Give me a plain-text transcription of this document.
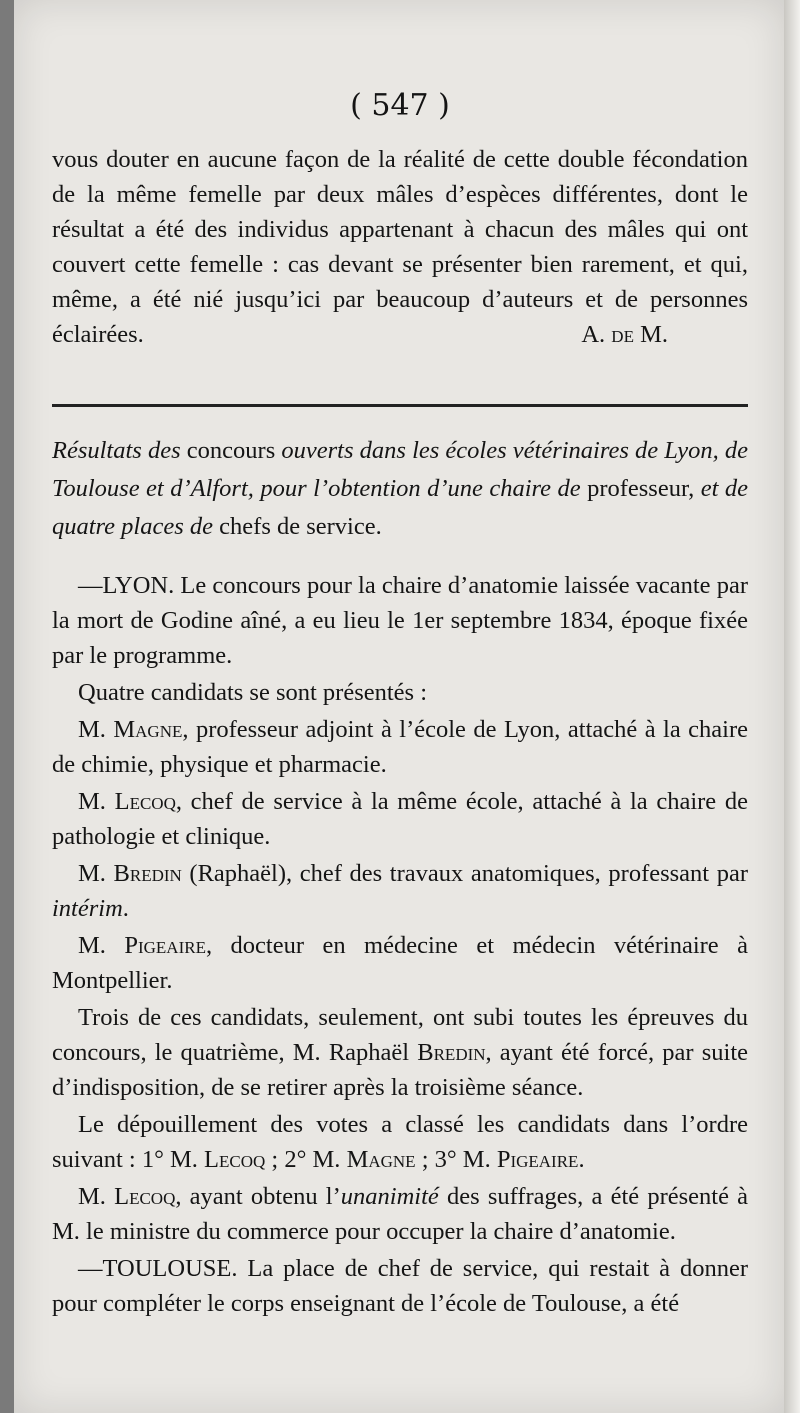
( 547 )

vous douter en aucune façon de la réalité de cette double fécondation de la même femelle par deux mâles d’espèces différentes, dont le résultat a été des individus appartenant à chacun des mâles qui ont couvert cette femelle : cas devant se présenter bien rarement, et qui, même, a été nié jusqu’ici par beaucoup d’auteurs et de personnes éclairées.	A. de M.

Résultats des concours ouverts dans les écoles vétérinaires de Lyon, de Toulouse et d’Alfort, pour l’obtention d’une chaire de professeur, et de quatre places de chefs de service.

—LYON. Le concours pour la chaire d’anatomie laissée vacante par la mort de Godine aîné, a eu lieu le 1er septembre 1834, époque fixée par le programme.

Quatre candidats se sont présentés :

M. Magne, professeur adjoint à l’école de Lyon, attaché à la chaire de chimie, physique et pharmacie.

M. Lecoq, chef de service à la même école, attaché à la chaire de pathologie et clinique.

M. Bredin (Raphaël), chef des travaux anatomiques, professant par intérim.

M. Pigeaire, docteur en médecine et médecin vétérinaire à Montpellier.

Trois de ces candidats, seulement, ont subi toutes les épreuves du concours, le quatrième, M. Raphaël Bredin, ayant été forcé, par suite d’indisposition, de se retirer après la troisième séance.

Le dépouillement des votes a classé les candidats dans l’ordre suivant : 1° M. Lecoq ; 2° M. Magne ; 3° M. Pigeaire.

M. Lecoq, ayant obtenu l’unanimité des suffrages, a été présenté à M. le ministre du commerce pour occuper la chaire d’anatomie.

—TOULOUSE. La place de chef de service, qui restait à donner pour compléter le corps enseignant de l’école de Toulouse, a été
